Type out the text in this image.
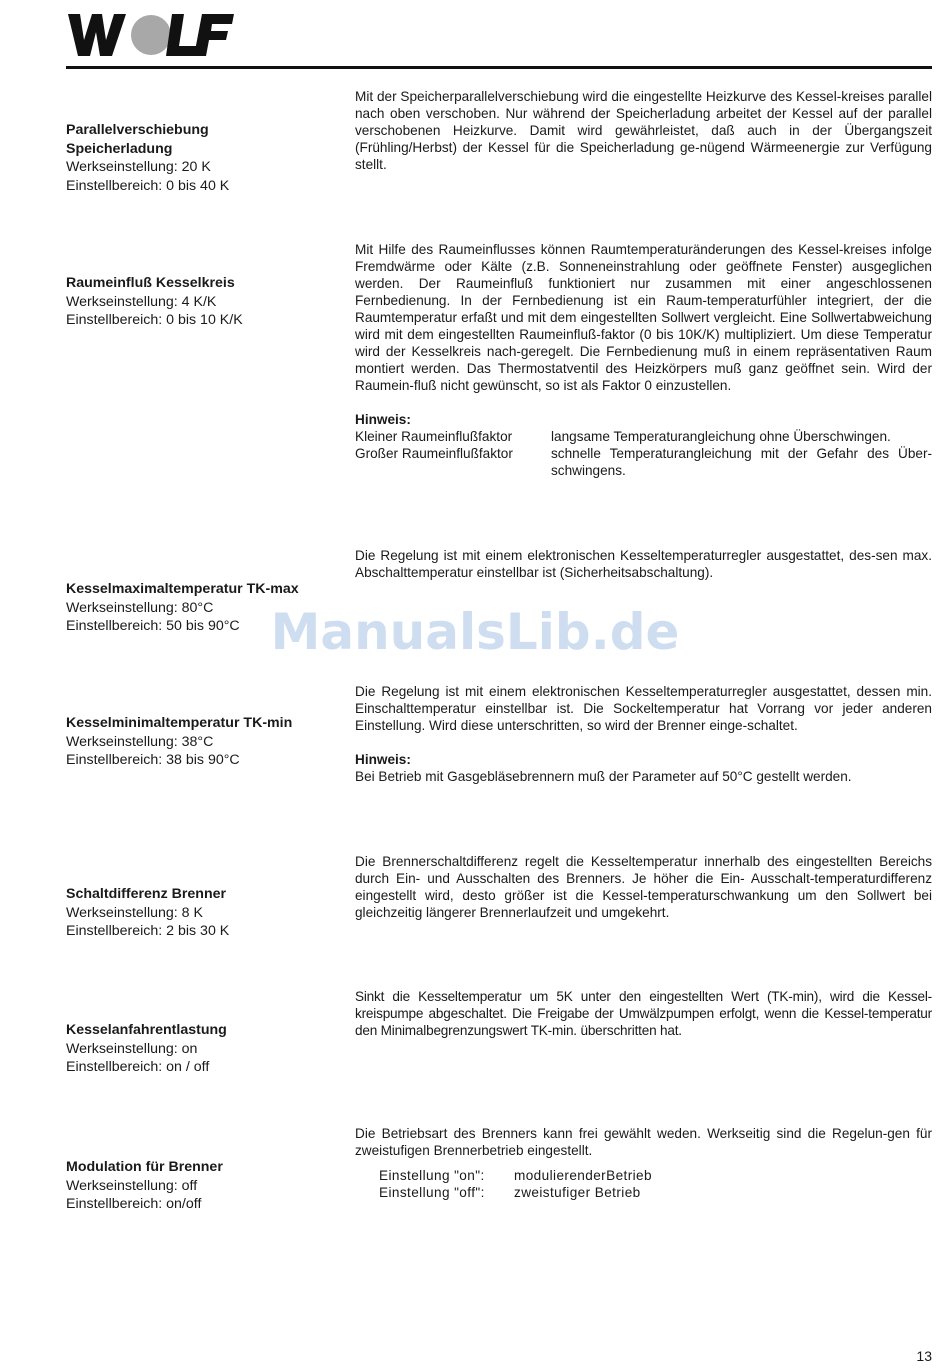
Parallelverschiebung
Speicherladung
Werkseinstellung: 20 K
Einstellbereich: 0 bis 40 K

Mit der Speicherparallelverschiebung wird die eingestellte Heizkurve des Kessel-kreises parallel nach oben verschoben. Nur während der Speicherladung arbeitet der Kessel auf der parallel verschobenen Heizkurve. Damit wird gewährleistet, daß auch in der Übergangszeit (Frühling/Herbst) der Kessel für die Speicherladung ge-nügend Wärmeenergie zur Verfügung stellt.

Raumeinfluß Kesselkreis
Werkseinstellung: 4 K/K
Einstellbereich: 0 bis 10 K/K

Mit Hilfe des Raumeinflusses können Raumtemperaturänderungen des Kessel-kreises infolge Fremdwärme oder Kälte (z.B. Sonneneinstrahlung oder geöffnete Fenster) ausgeglichen werden. Der Raumeinfluß funktioniert nur zusammen mit einer angeschlossenen Fernbedienung. In der Fernbedienung ist ein Raum-temperaturfühler integriert, der die Raumtemperatur erfaßt und mit dem eingestellten Sollwert vergleicht. Eine Sollwertabweichung wird mit dem eingestellten Raumeinfluß-faktor (0 bis 10K/K) multipliziert. Um diese Temperatur wird der Kesselkreis nach-geregelt. Die Fernbedienung muß in einem repräsentativen Raum montiert werden. Das Thermostatventil des Heizkörpers muß ganz geöffnet sein. Wird der Raumein-fluß nicht gewünscht, so ist als Faktor 0 einzustellen.

Hinweis:

Kleiner Raumeinflußfaktor	langsame Temperaturangleichung ohne Überschwingen.
Großer Raumeinflußfaktor	schnelle Temperaturangleichung mit der Gefahr des Über-schwingens.
Kesselmaximaltemperatur TK-max
Werkseinstellung: 80°C
Einstellbereich: 50 bis 90°C

Die Regelung ist mit einem elektronischen Kesseltemperaturregler ausgestattet, des-sen max. Abschalttemperatur einstellbar ist (Sicherheitsabschaltung).

Kesselminimaltemperatur TK-min
Werkseinstellung: 38°C
Einstellbereich: 38 bis 90°C

Die Regelung ist mit einem elektronischen Kesseltemperaturregler ausgestattet, dessen min. Einschalttemperatur einstellbar ist. Die Sockeltemperatur hat Vorrang vor jeder anderen Einstellung. Wird diese unterschritten, so wird der Brenner einge-schaltet.

Hinweis:

Bei Betrieb mit Gasgebläsebrennern muß der Parameter auf 50°C gestellt werden.

Schaltdifferenz Brenner
Werkseinstellung: 8 K
Einstellbereich: 2 bis 30 K

Die Brennerschaltdifferenz regelt die Kesseltemperatur innerhalb des eingestellten Bereichs durch Ein- und Ausschalten des Brenners. Je höher die Ein- Ausschalt-temperaturdifferenz eingestellt wird, desto größer ist die Kessel-temperaturschwankung um den Sollwert bei gleichzeitig längerer Brennerlaufzeit und umgekehrt.

Kesselanfahrentlastung
Werkseinstellung: on
Einstellbereich: on / off

Sinkt die Kesseltemperatur um 5K unter den eingestellten Wert (TK-min), wird die Kessel-kreispumpe abgeschaltet. Die Freigabe der Umwälzpumpen erfolgt, wenn die Kessel-temperatur den Minimalbegrenzungswert TK-min. überschritten hat.

Modulation für Brenner
Werkseinstellung: off
Einstellbereich: on/off

Die Betriebsart des Brenners kann frei gewählt weden. Werkseitig sind die Regelun-gen für zweistufigen Brennerbetrieb eingestellt.

Einstellung "on":	modulierenderBetrieb
Einstellung "off":	zweistufiger Betrieb
ManualsLib.de
13
